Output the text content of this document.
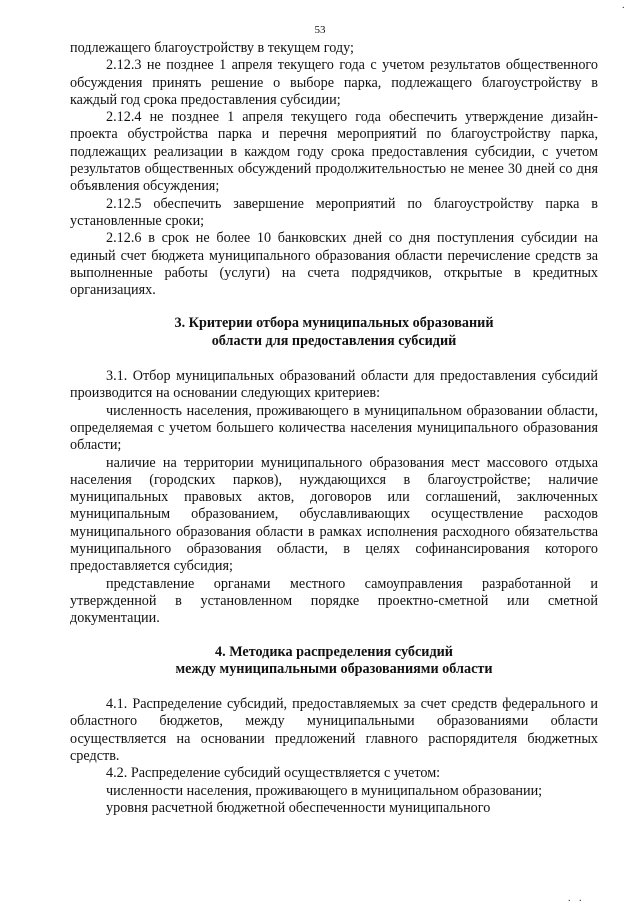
.
53

подлежащего благоустройству в текущем году;

2.12.3 не позднее 1 апреля текущего года с учетом результатов общественного обсуждения принять решение о выборе парка, подлежащего благоустройству в каждый год срока предоставления субсидии;

2.12.4 не позднее 1 апреля текущего года обеспечить утверждение дизайн-проекта обустройства парка и перечня мероприятий по благоустройству парка, подлежащих реализации в каждом году срока предоставления субсидии, с учетом результатов общественных обсуждений продолжительностью не менее 30 дней со дня объявления обсуждения;

2.12.5 обеспечить завершение мероприятий по благоустройству парка в установленные сроки;

2.12.6 в срок не более 10 банковских дней со дня поступления субсидии на единый счет бюджета муниципального образования области перечисление средств за выполненные работы (услуги) на счета подрядчиков, открытые в кредитных организациях.

3. Критерии отбора муниципальных образований

области для предоставления субсидий

3.1. Отбор муниципальных образований области для предоставления субсидий производится на основании следующих критериев:

численность населения, проживающего в муниципальном образовании области, определяемая с учетом большего количества населения муниципального образования области;

наличие на территории муниципального образования мест массового отдыха населения (городских парков), нуждающихся в благоустройстве; наличие муниципальных правовых актов, договоров или соглашений, заключенных муниципальным образованием, обуславливающих осуществление расходов муниципального образования области в рамках исполнения расходного обязательства муниципального образования области, в целях софинансирования которого предоставляется субсидия;

представление органами местного самоуправления разработанной и утвержденной в установленном порядке проектно-сметной или сметной документации.

4. Методика распределения субсидий

между муниципальными образованиями области

4.1. Распределение субсидий, предоставляемых за счет средств федерального и областного бюджетов, между муниципальными образованиями области осуществляется на основании предложений главного распорядителя бюджетных средств.

4.2. Распределение субсидий осуществляется с учетом:

численности населения, проживающего в муниципальном образовании;

уровня расчетной бюджетной обеспеченности муниципального

. .
